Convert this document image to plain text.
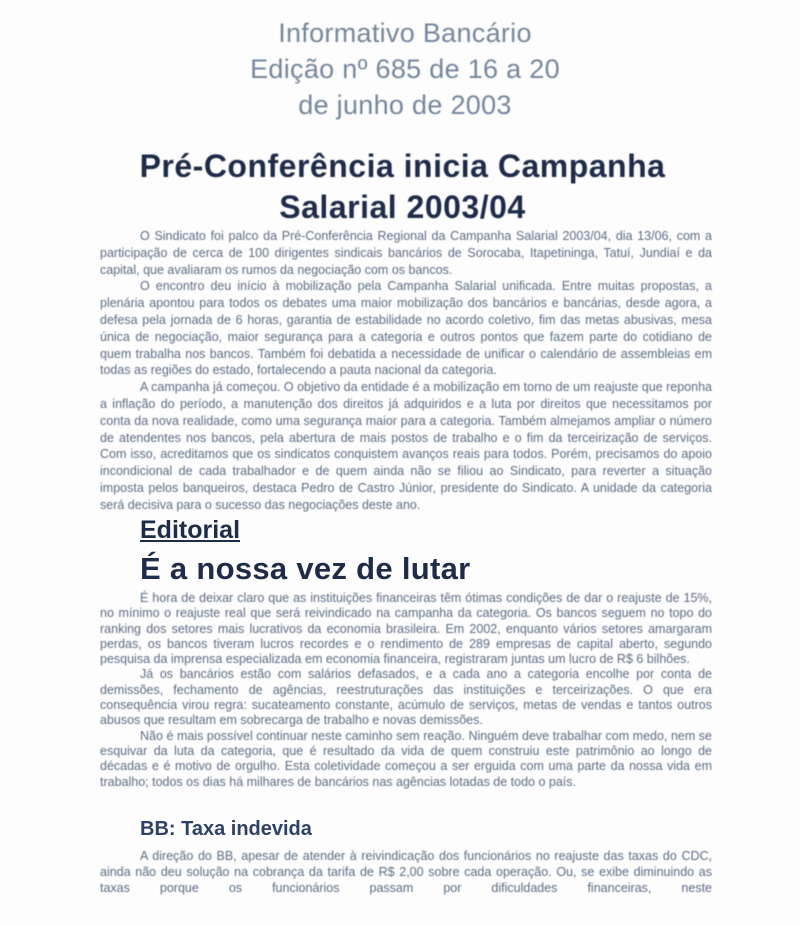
Informativo Bancário
Edição nº 685 de 16 a 20
de junho de 2003
Pré-Conferência inicia Campanha
Salarial 2003/04

O Sindicato foi palco da Pré-Conferência Regional da Campanha Salarial 2003/04, dia 13/06, com a participação de cerca de 100 dirigentes sindicais bancários de Sorocaba, Itapetininga, Tatuí, Jundiaí e da capital, que avaliaram os rumos da negociação com os bancos.

O encontro deu início à mobilização pela Campanha Salarial unificada. Entre muitas propostas, a plenária apontou para todos os debates uma maior mobilização dos bancários e bancárias, desde agora, a defesa pela jornada de 6 horas, garantia de estabilidade no acordo coletivo, fim das metas abusivas, mesa única de negociação, maior segurança para a categoria e outros pontos que fazem parte do cotidiano de quem trabalha nos bancos. Também foi debatida a necessidade de unificar o calendário de assembleias em todas as regiões do estado, fortalecendo a pauta nacional da categoria.

A campanha já começou. O objetivo da entidade é a mobilização em torno de um reajuste que reponha a inflação do período, a manutenção dos direitos já adquiridos e a luta por direitos que necessitamos por conta da nova realidade, como uma segurança maior para a categoria. Também almejamos ampliar o número de atendentes nos bancos, pela abertura de mais postos de trabalho e o fim da terceirização de serviços. Com isso, acreditamos que os sindicatos conquistem avanços reais para todos. Porém, precisamos do apoio incondicional de cada trabalhador e de quem ainda não se filiou ao Sindicato, para reverter a situação imposta pelos banqueiros, destaca Pedro de Castro Júnior, presidente do Sindicato. A unidade da categoria será decisiva para o sucesso das negociações deste ano.

Editorial
É a nossa vez de lutar

É hora de deixar claro que as instituições financeiras têm ótimas condições de dar o reajuste de 15%, no mínimo o reajuste real que será reivindicado na campanha da categoria. Os bancos seguem no topo do ranking dos setores mais lucrativos da economia brasileira. Em 2002, enquanto vários setores amargaram perdas, os bancos tiveram lucros recordes e o rendimento de 289 empresas de capital aberto, segundo pesquisa da imprensa especializada em economia financeira, registraram juntas um lucro de R$ 6 bilhões.

Já os bancários estão com salários defasados, e a cada ano a categoria encolhe por conta de demissões, fechamento de agências, reestruturações das instituições e terceirizações. O que era consequência virou regra: sucateamento constante, acúmulo de serviços, metas de vendas e tantos outros abusos que resultam em sobrecarga de trabalho e novas demissões.

Não é mais possível continuar neste caminho sem reação. Ninguém deve trabalhar com medo, nem se esquivar da luta da categoria, que é resultado da vida de quem construiu este patrimônio ao longo de décadas e é motivo de orgulho. Esta coletividade começou a ser erguida com uma parte da nossa vida em trabalho; todos os dias há milhares de bancários nas agências lotadas de todo o país.

BB: Taxa indevida

A direção do BB, apesar de atender à reivindicação dos funcionários no reajuste das taxas do CDC, ainda não deu solução na cobrança da tarifa de R$ 2,00 sobre cada operação. Ou, se exibe diminuindo as taxas porque os funcionários passam por dificuldades financeiras, neste
